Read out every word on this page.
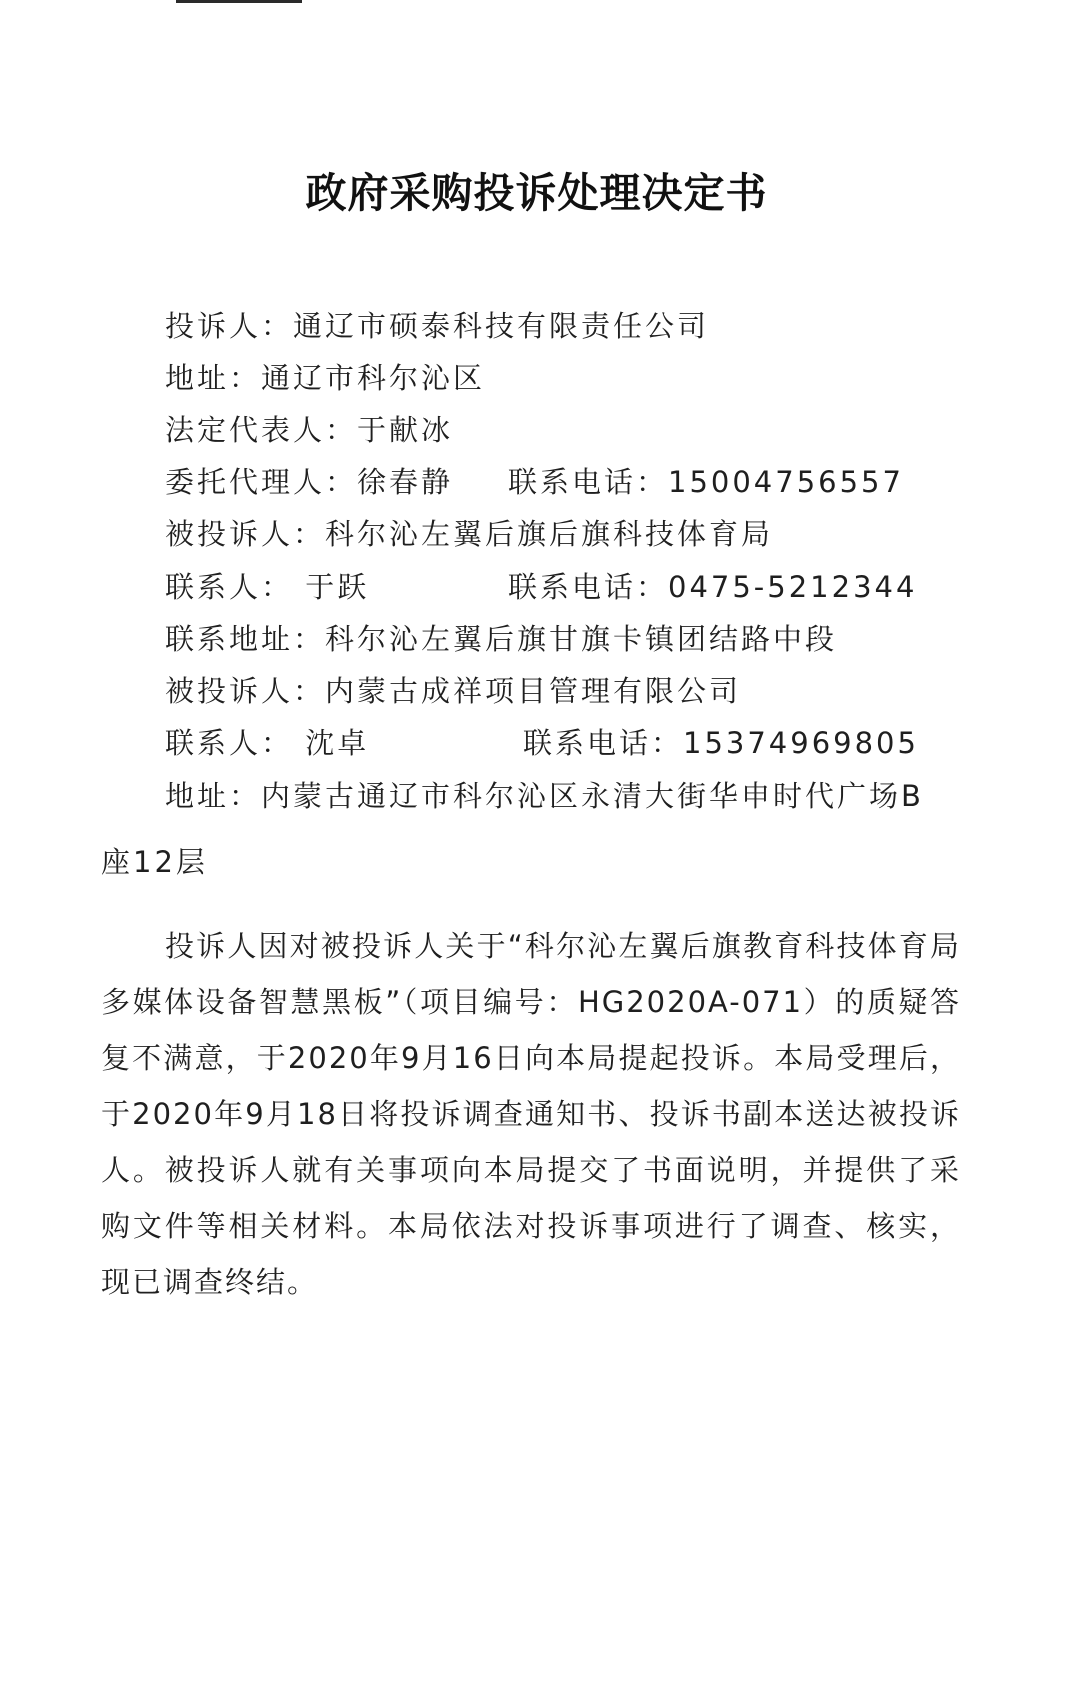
政府采购投诉处理决定书
投诉人：通辽市硕泰科技有限责任公司
地址：通辽市科尔沁区
法定代表人：于献冰
委托代理人：徐春静 联系电话：15004756557
被投诉人：科尔沁左翼后旗后旗科技体育局
联系人： 于跃	联系电话：0475-5212344
联系地址：科尔沁左翼后旗甘旗卡镇团结路中段
被投诉人：内蒙古成祥项目管理有限公司
联系人： 沈卓	联系电话：15374969805
地址：内蒙古通辽市科尔沁区永清大街华申时代广场B
座12层
投诉人因对被投诉人关于“科尔沁左翼后旗教育科技体育局多媒体设备智慧黑板”（项目编号：HG2020A-071）的质疑答复不满意，于2020年9月16日向本局提起投诉。本局受理后，于2020年9月18日将投诉调查通知书、投诉书副本送达被投诉人。被投诉人就有关事项向本局提交了书面说明，并提供了采购文件等相关材料。本局依法对投诉事项进行了调查、核实，现已调查终结。
